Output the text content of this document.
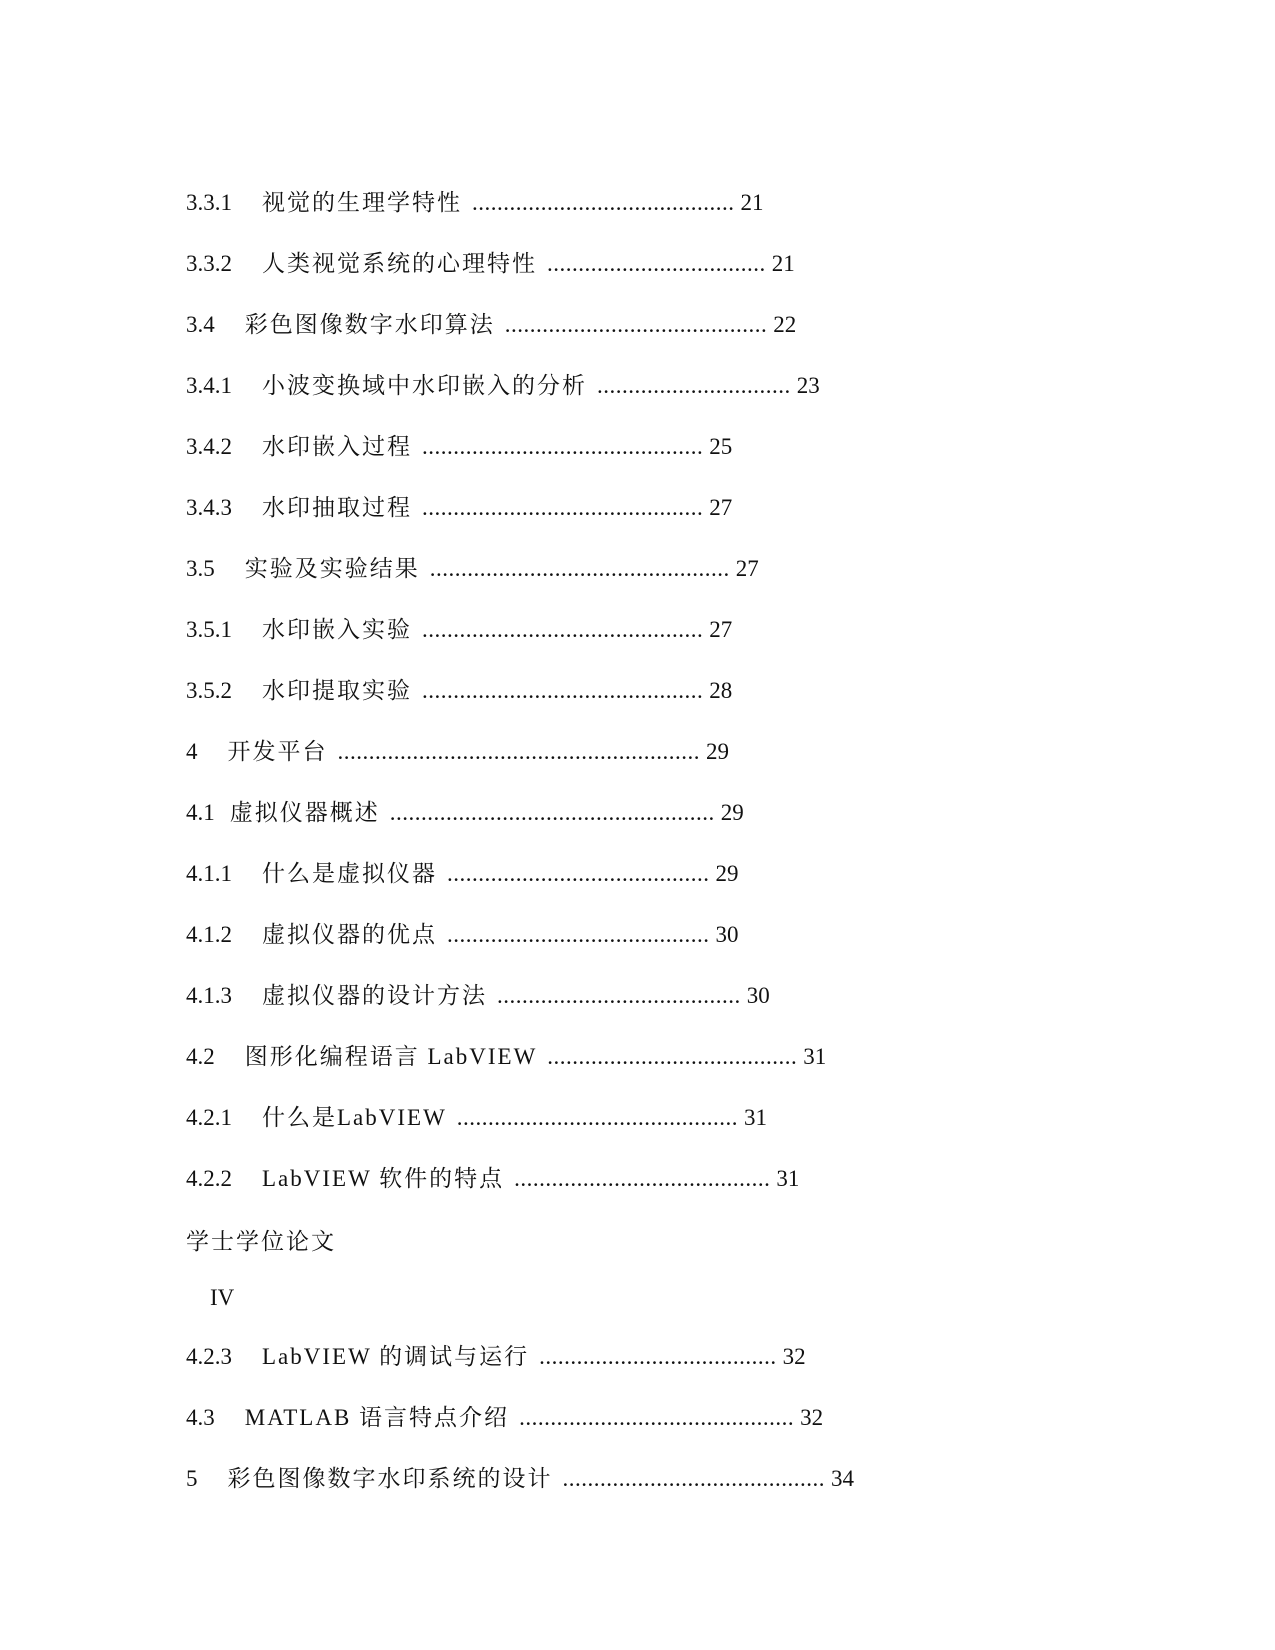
3.3.1 视觉的生理学特性 .......................................... 21
3.3.2 人类视觉系统的心理特性 ................................... 21
3.4 彩色图像数字水印算法 .......................................... 22
3.4.1 小波变换域中水印嵌入的分析 ............................... 23
3.4.2 水印嵌入过程 ............................................. 25
3.4.3 水印抽取过程 ............................................. 27
3.5 实验及实验结果 ................................................ 27
3.5.1 水印嵌入实验 ............................................. 27
3.5.2 水印提取实验 ............................................. 28
4 开发平台 .......................................................... 29
4.1 虚拟仪器概述 .................................................... 29
4.1.1 什么是虚拟仪器 .......................................... 29
4.1.2 虚拟仪器的优点 .......................................... 30
4.1.3 虚拟仪器的设计方法 ....................................... 30
4.2 图形化编程语言 LabVIEW ........................................ 31
4.2.1 什么是LabVIEW ............................................. 31
4.2.2 LabVIEW 软件的特点 ......................................... 31
学士学位论文
IV
4.2.3 LabVIEW 的调试与运行 ...................................... 32
4.3 MATLAB 语言特点介绍 ............................................ 32
5 彩色图像数字水印系统的设计 .......................................... 34
